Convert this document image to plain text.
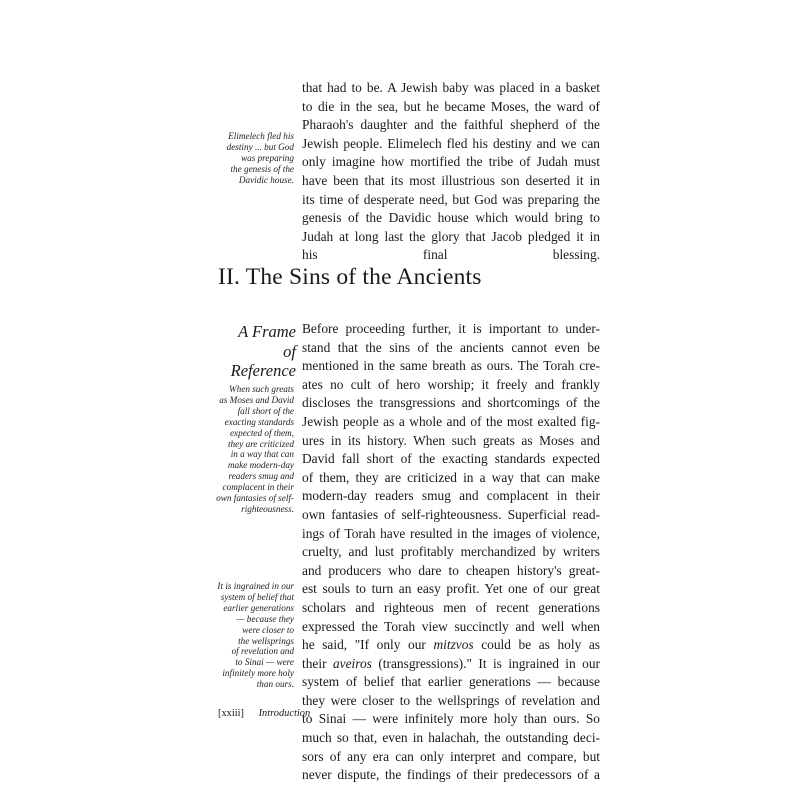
that had to be. A Jewish baby was placed in a basket
to die in the sea, but he became Moses, the ward of
Pharaoh's daughter and the faithful shepherd of the
Jewish people. Elimelech fled his destiny and we can
only imagine how mortified the tribe of Judah must
have been that its most illustrious son deserted it in
its time of desperate need, but God was preparing the
genesis of the Davidic house which would bring to
Judah at long last the glory that Jacob pledged it in
his final blessing.
Elimelech fled his
destiny ... but God
was preparing
the genesis of the
Davidic house.
II. The Sins of the Ancients
A Frame
of
Reference
Before proceeding further, it is important to under-
stand that the sins of the ancients cannot even be
mentioned in the same breath as ours. The Torah cre-
ates no cult of hero worship; it freely and frankly
discloses the transgressions and shortcomings of the
Jewish people as a whole and of the most exalted fig-
ures in its history. When such greats as Moses and
David fall short of the exacting standards expected
of them, they are criticized in a way that can make
modern-day readers smug and complacent in their
own fantasies of self-righteousness. Superficial read-
ings of Torah have resulted in the images of violence,
cruelty, and lust profitably merchandized by writers
and producers who dare to cheapen history's great-
est souls to turn an easy profit. Yet one of our great
scholars and righteous men of recent generations
expressed the Torah view succinctly and well when
he said, "If only our mitzvos could be as holy as
their aveiros (transgressions)." It is ingrained in our
system of belief that earlier generations — because
they were closer to the wellsprings of revelation and
to Sinai — were infinitely more holy than ours. So
much so that, even in halachah, the outstanding deci-
sors of any era can only interpret and compare, but
never dispute, the findings of their predecessors of a
When such greats
as Moses and David
fall short of the
exacting standards
expected of them,
they are criticized
in a way that can
make modern-day
readers smug and
complacent in their
own fantasies of self-
righteousness.
It is ingrained in our
system of belief that
earlier generations
— because they
were closer to
the wellsprings
of revelation and
to Sinai — were
infinitely more holy
than ours.
[xxiii] Introduction
